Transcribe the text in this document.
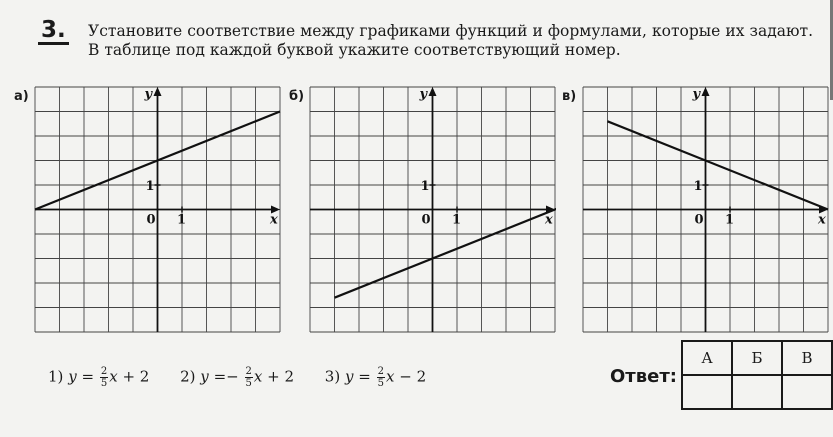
3. Установите соответствие между графиками функций и формулами, которые их задают. В таблице под каждой буквой укажите соответствующий номер.
а)	y
x
0 1
1
б)	y
x
0 1
1
в)	y
x
0 1
1
1) $y = \frac{2}{5}$ x + 2 2) $y =- \frac{2}{5}$ x + 2 3) $y = \frac{2}{5}$ x − 2	Ответ:
А	Б	В
